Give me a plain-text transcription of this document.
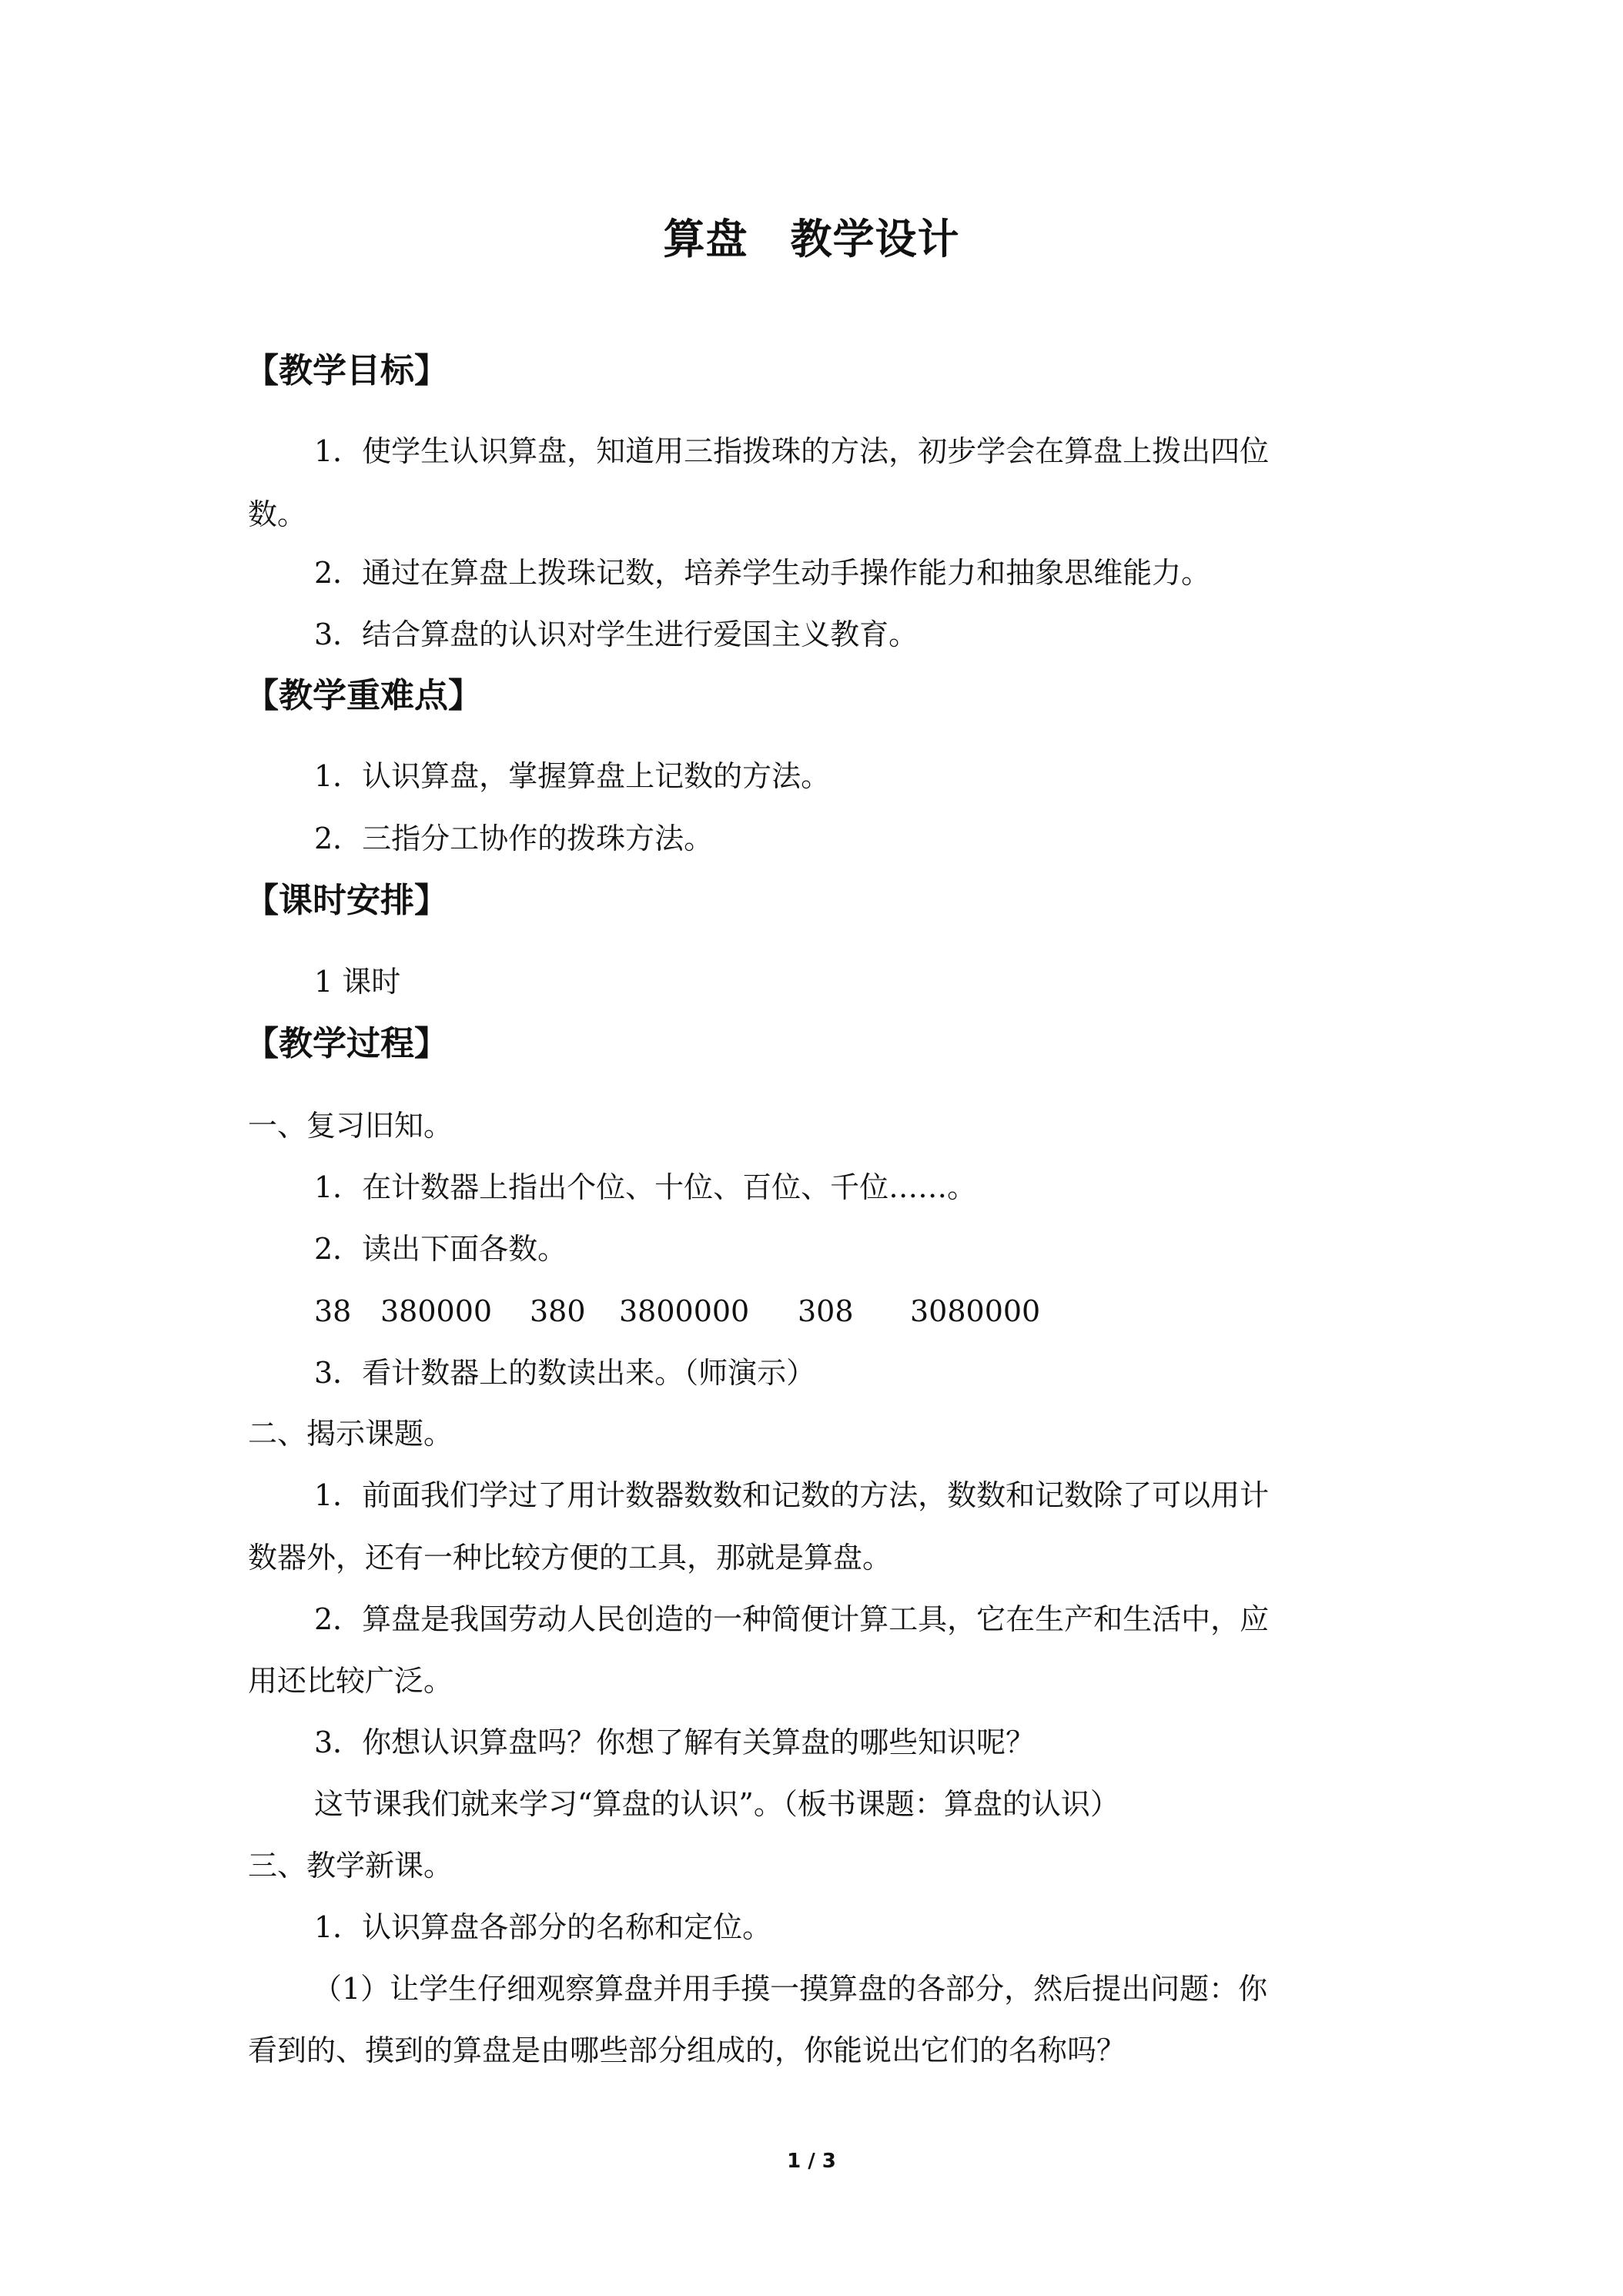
算盘　教学设计
【教学目标】
1．使学生认识算盘，知道用三指拨珠的方法，初步学会在算盘上拨出四位
数。
2．通过在算盘上拨珠记数，培养学生动手操作能力和抽象思维能力。
3．结合算盘的认识对学生进行爱国主义教育。
【教学重难点】
1．认识算盘，掌握算盘上记数的方法。
2．三指分工协作的拨珠方法。
【课时安排】
1 课时
【教学过程】
一、复习旧知。
1．在计数器上指出个位、十位、百位、千位……。
2．读出下面各数。
38 380000 380 3800000 308 3080000
3．看计数器上的数读出来。（师演示）
二、揭示课题。
1．前面我们学过了用计数器数数和记数的方法，数数和记数除了可以用计
数器外，还有一种比较方便的工具，那就是算盘。
2．算盘是我国劳动人民创造的一种简便计算工具，它在生产和生活中，应
用还比较广泛。
3．你想认识算盘吗？你想了解有关算盘的哪些知识呢？
这节课我们就来学习“算盘的认识”。（板书课题：算盘的认识）
三、教学新课。
1．认识算盘各部分的名称和定位。
（1）让学生仔细观察算盘并用手摸一摸算盘的各部分，然后提出问题：你
看到的、摸到的算盘是由哪些部分组成的，你能说出它们的名称吗？
1 / 3
